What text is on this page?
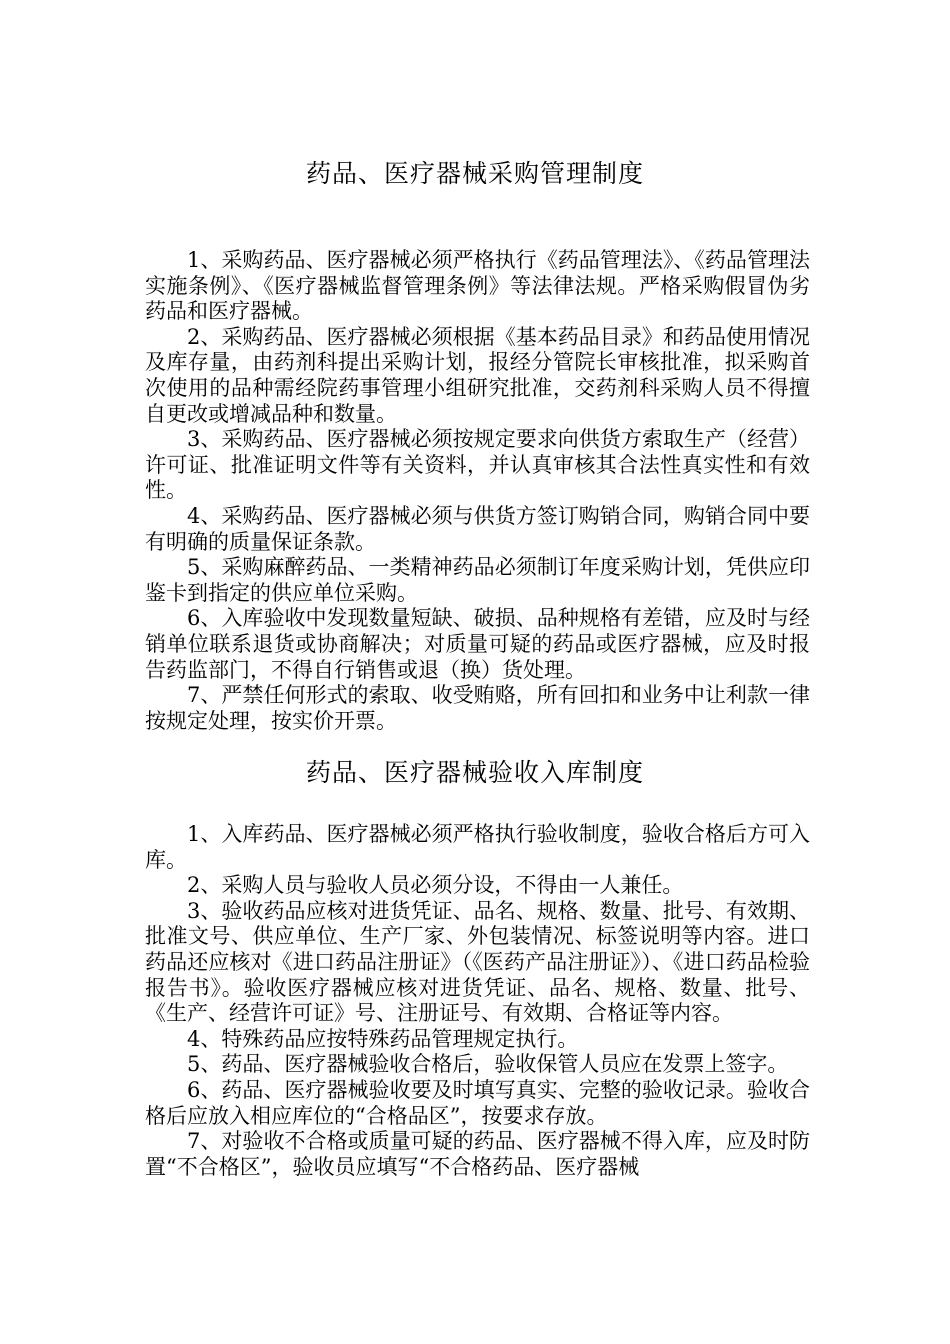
药品、医疗器械采购管理制度

1、采购药品、医疗器械必须严格执行《药品管理法》、《药品管理法实施条例》、《医疗器械监督管理条例》等法律法规。严格采购假冒伪劣药品和医疗器械。

2、采购药品、医疗器械必须根据《基本药品目录》和药品使用情况及库存量，由药剂科提出采购计划，报经分管院长审核批准，拟采购首次使用的品种需经院药事管理小组研究批准，交药剂科采购人员不得擅自更改或增减品种和数量。

3、采购药品、医疗器械必须按规定要求向供货方索取生产（经营）许可证、批准证明文件等有关资料，并认真审核其合法性真实性和有效性。

4、采购药品、医疗器械必须与供货方签订购销合同，购销合同中要有明确的质量保证条款。

5、采购麻醉药品、一类精神药品必须制订年度采购计划，凭供应印鉴卡到指定的供应单位采购。

6、入库验收中发现数量短缺、破损、品种规格有差错，应及时与经销单位联系退货或协商解决；对质量可疑的药品或医疗器械，应及时报告药监部门，不得自行销售或退（换）货处理。

7、严禁任何形式的索取、收受贿赂，所有回扣和业务中让利款一律按规定处理，按实价开票。

药品、医疗器械验收入库制度

1、入库药品、医疗器械必须严格执行验收制度，验收合格后方可入库。

2、采购人员与验收人员必须分设，不得由一人兼任。

3、验收药品应核对进货凭证、品名、规格、数量、批号、有效期、批准文号、供应单位、生产厂家、外包装情况、标签说明等内容。进口药品还应核对《进口药品注册证》（《医药产品注册证》）、《进口药品检验报告书》。验收医疗器械应核对进货凭证、品名、规格、数量、批号、《生产、经营许可证》号、注册证号、有效期、合格证等内容。

4、特殊药品应按特殊药品管理规定执行。

5、药品、医疗器械验收合格后，验收保管人员应在发票上签字。

6、药品、医疗器械验收要及时填写真实、完整的验收记录。验收合格后应放入相应库位的“合格品区”，按要求存放。

7、对验收不合格或质量可疑的药品、医疗器械不得入库，应及时防置“不合格区”，验收员应填写“不合格药品、医疗器械
